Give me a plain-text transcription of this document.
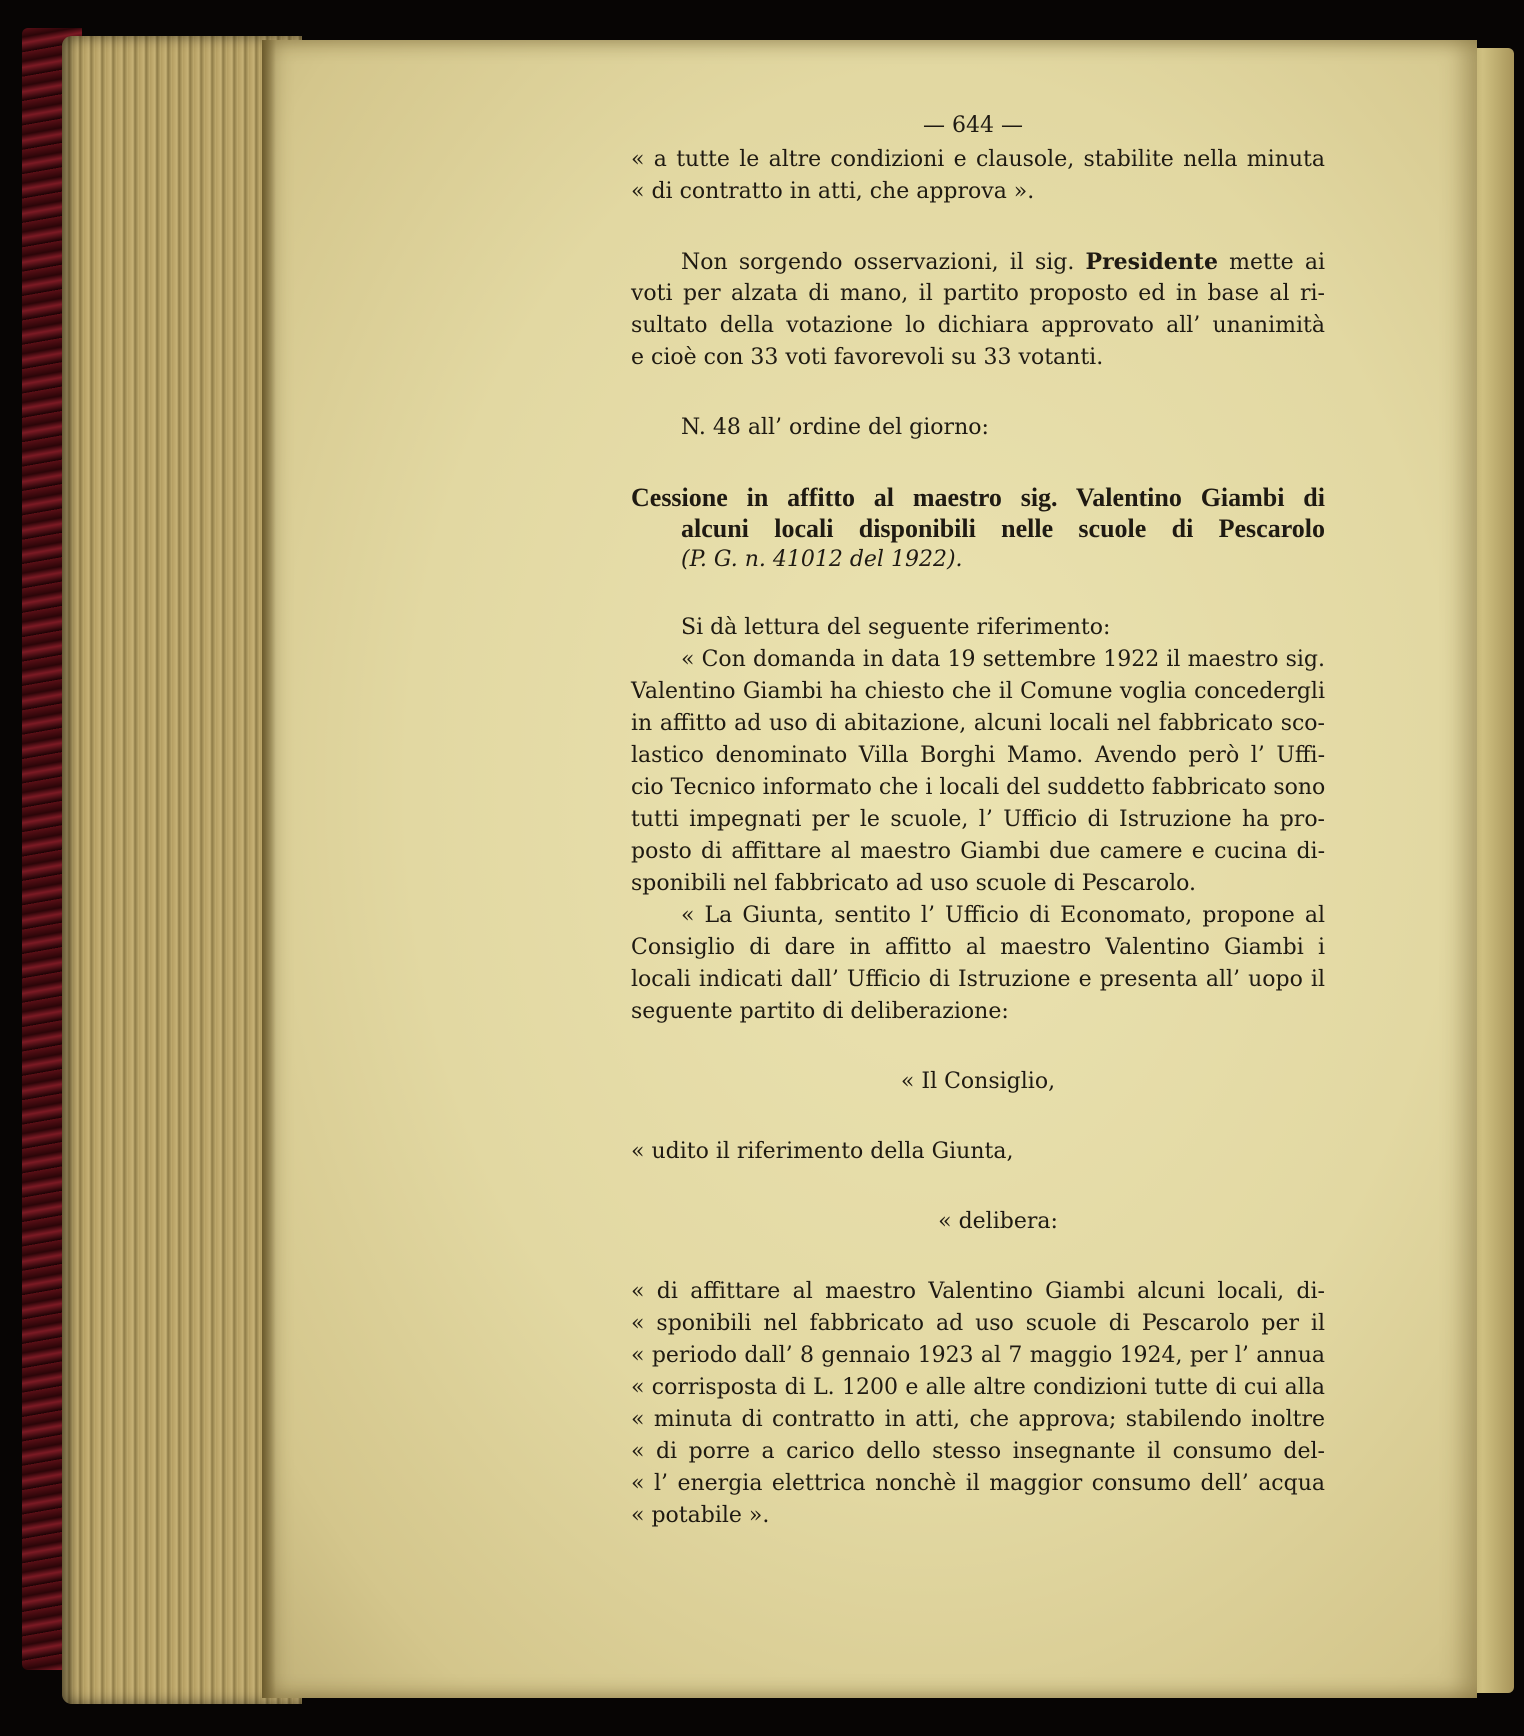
— 644 —
« a tutte le altre condizioni e clausole, stabilite nella minuta
« di contratto in atti, che approva ».
Non sorgendo osservazioni, il sig. Presidente mette ai
voti per alzata di mano, il partito proposto ed in base al ri-
sultato della votazione lo dichiara approvato all’ unanimità
e cioè con 33 voti favorevoli su 33 votanti.
N. 48 all’ ordine del giorno:
Cessione in affitto al maestro sig. Valentino Giambi di
alcuni locali disponibili nelle scuole di Pescarolo
(P. G. n. 41012 del 1922).
Si dà lettura del seguente riferimento:
« Con domanda in data 19 settembre 1922 il maestro sig.
Valentino Giambi ha chiesto che il Comune voglia concedergli
in affitto ad uso di abitazione, alcuni locali nel fabbricato sco-
lastico denominato Villa Borghi Mamo. Avendo però l’ Uffi-
cio Tecnico informato che i locali del suddetto fabbricato sono
tutti impegnati per le scuole, l’ Ufficio di Istruzione ha pro-
posto di affittare al maestro Giambi due camere e cucina di-
sponibili nel fabbricato ad uso scuole di Pescarolo.
« La Giunta, sentito l’ Ufficio di Economato, propone al
Consiglio di dare in affitto al maestro Valentino Giambi i
locali indicati dall’ Ufficio di Istruzione e presenta all’ uopo il
seguente partito di deliberazione:
« Il Consiglio,
« udito il riferimento della Giunta,
« delibera:
« di affittare al maestro Valentino Giambi alcuni locali, di-
« sponibili nel fabbricato ad uso scuole di Pescarolo per il
« periodo dall’ 8 gennaio 1923 al 7 maggio 1924, per l’ annua
« corrisposta di L. 1200 e alle altre condizioni tutte di cui alla
« minuta di contratto in atti, che approva; stabilendo inoltre
« di porre a carico dello stesso insegnante il consumo del-
« l’ energia elettrica nonchè il maggior consumo dell’ acqua
« potabile ».
